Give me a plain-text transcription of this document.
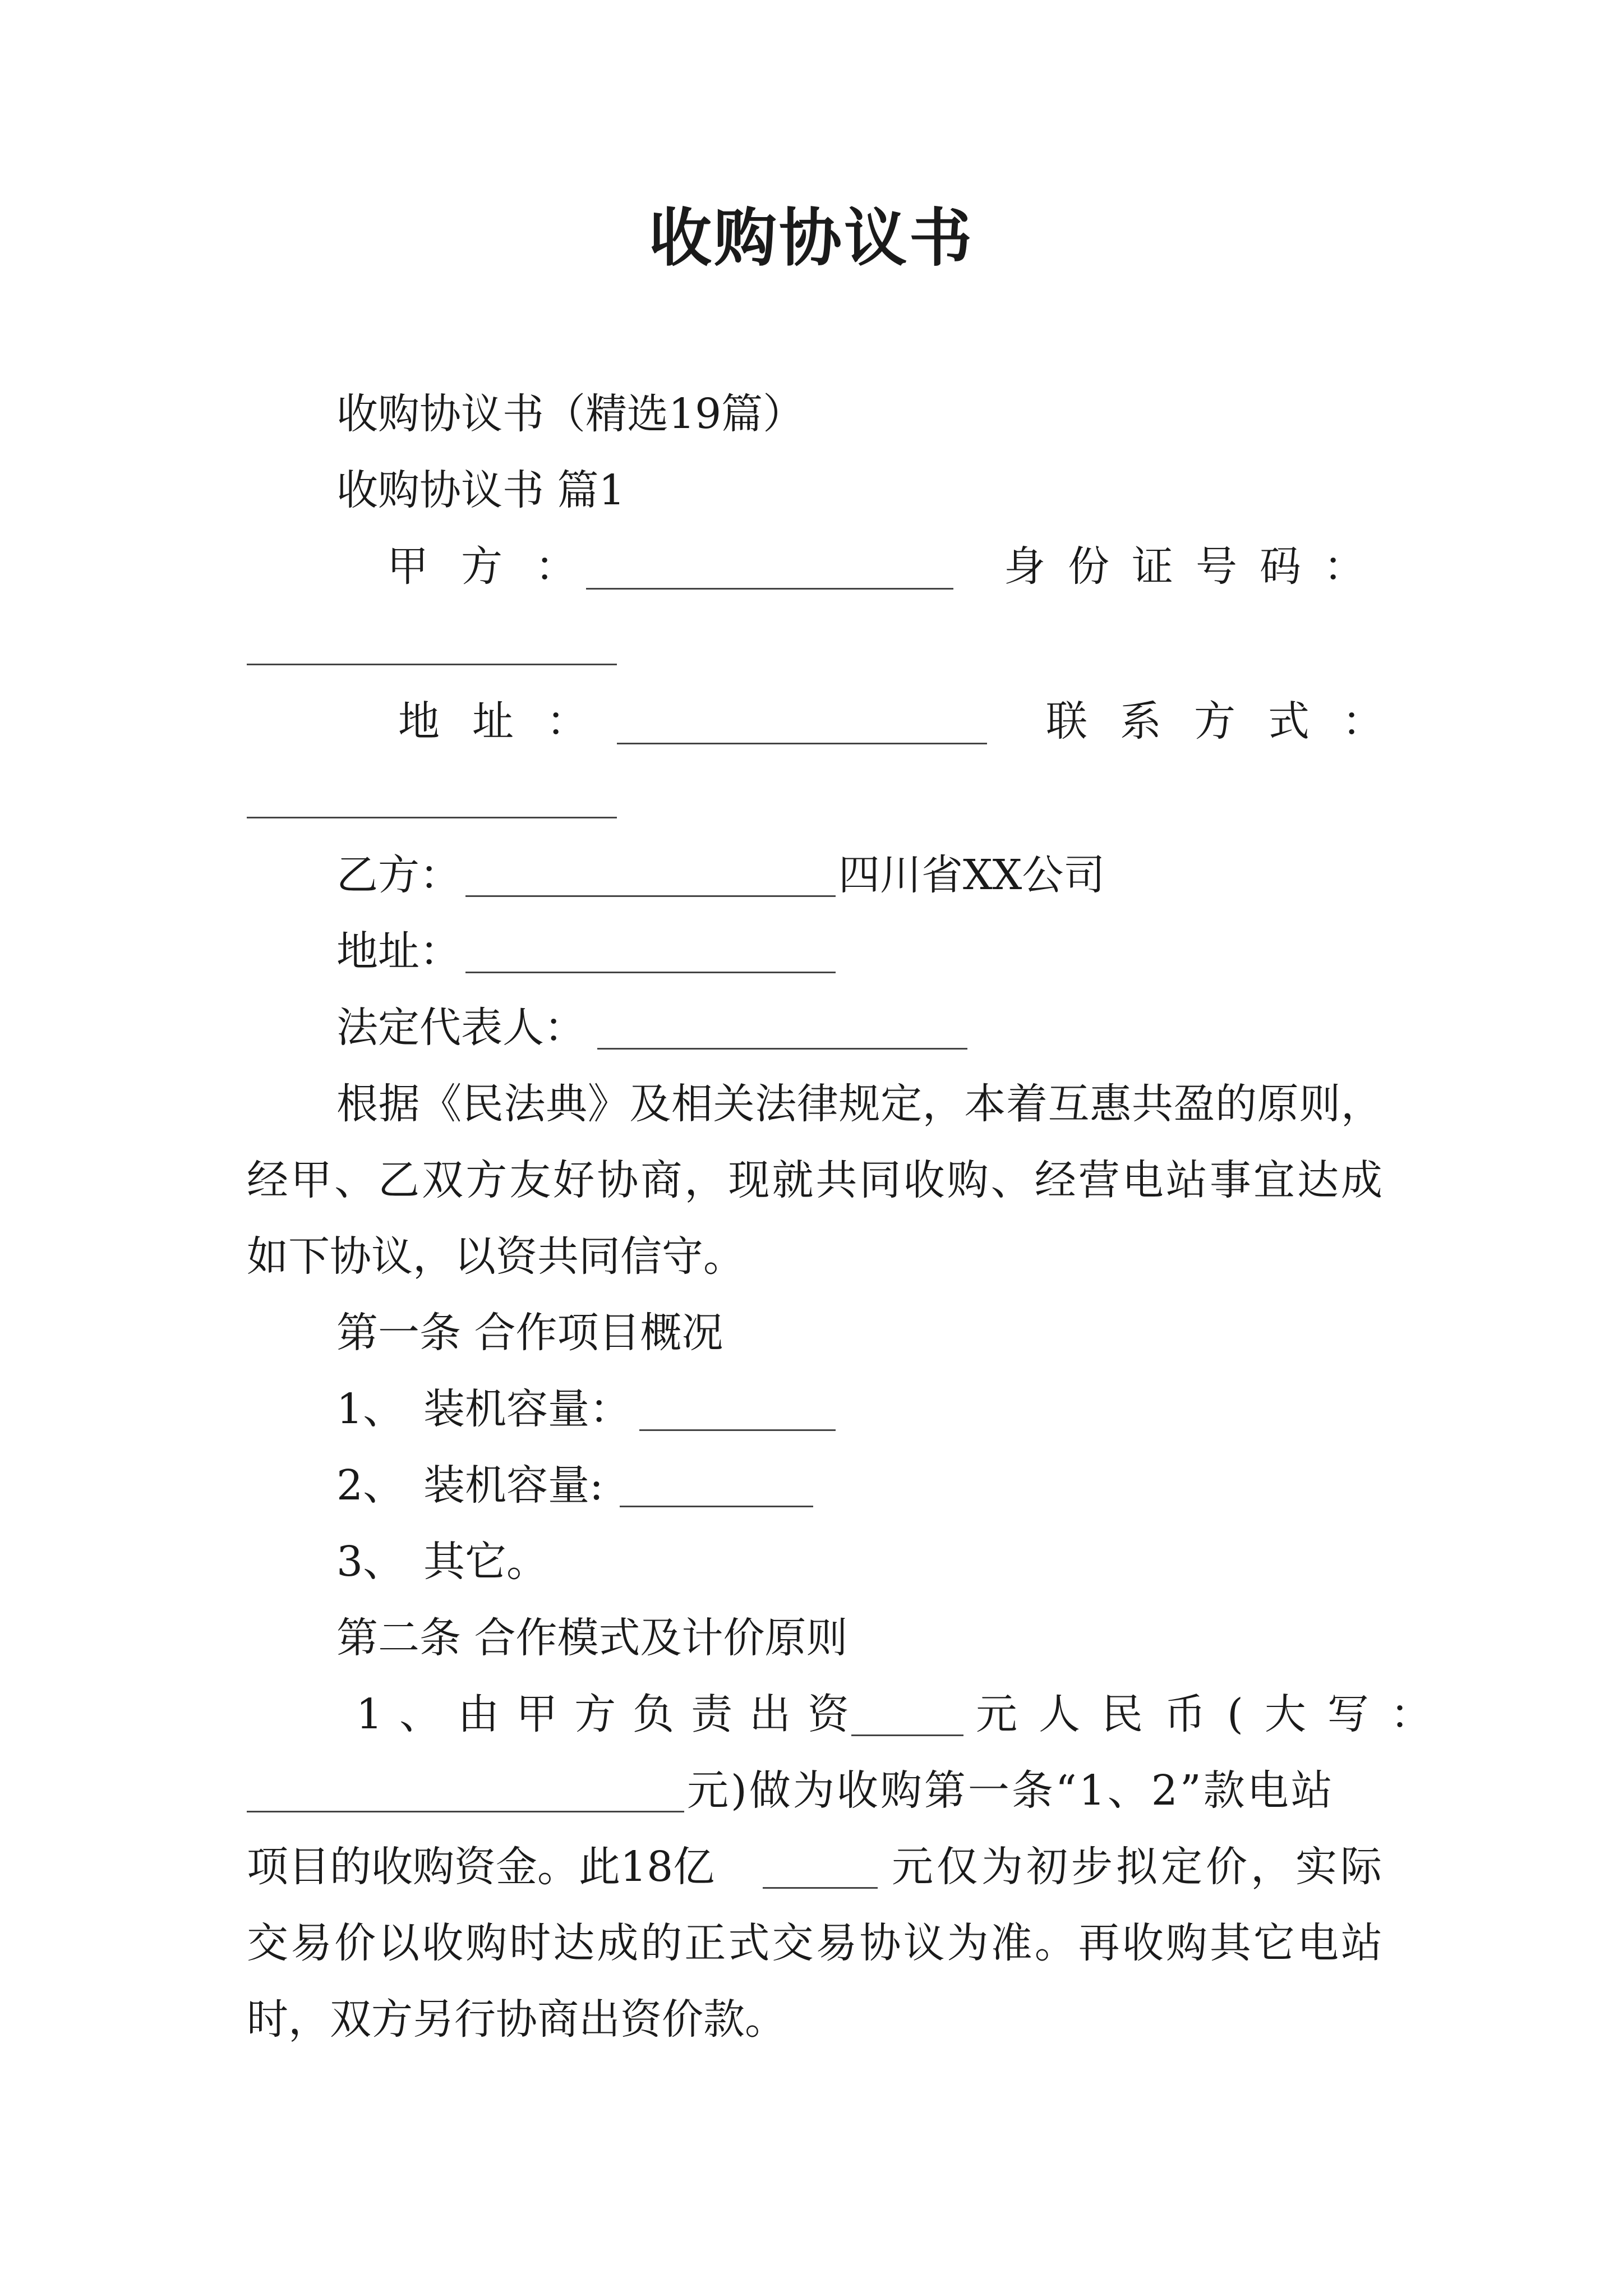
收购协议书
收购协议书（精选19篇）
收购协议书 篇1
甲方：	身份证号码：
地址：	联系方式：
乙方：	四川省XX公司
地址：
法定代表人：
根据《民法典》及相关法律规定，本着互惠共盈的原则，
经甲、乙双方友好协商，现就共同收购、经营电站事宜达成
如下协议，以资共同信守。
第一条 合作项目概况
1、 装机容量：
2、 装机容量:
3、 其它。
第二条 合作模式及计价原则
1、由甲方负责出资	元人民币(大写：
元)做为收购第一条“1、2”款电站
项目的收购资金。此18亿	元仅为初步拟定价，实际
交易价以收购时达成的正式交易协议为准。再收购其它电站
时，双方另行协商出资价款。
